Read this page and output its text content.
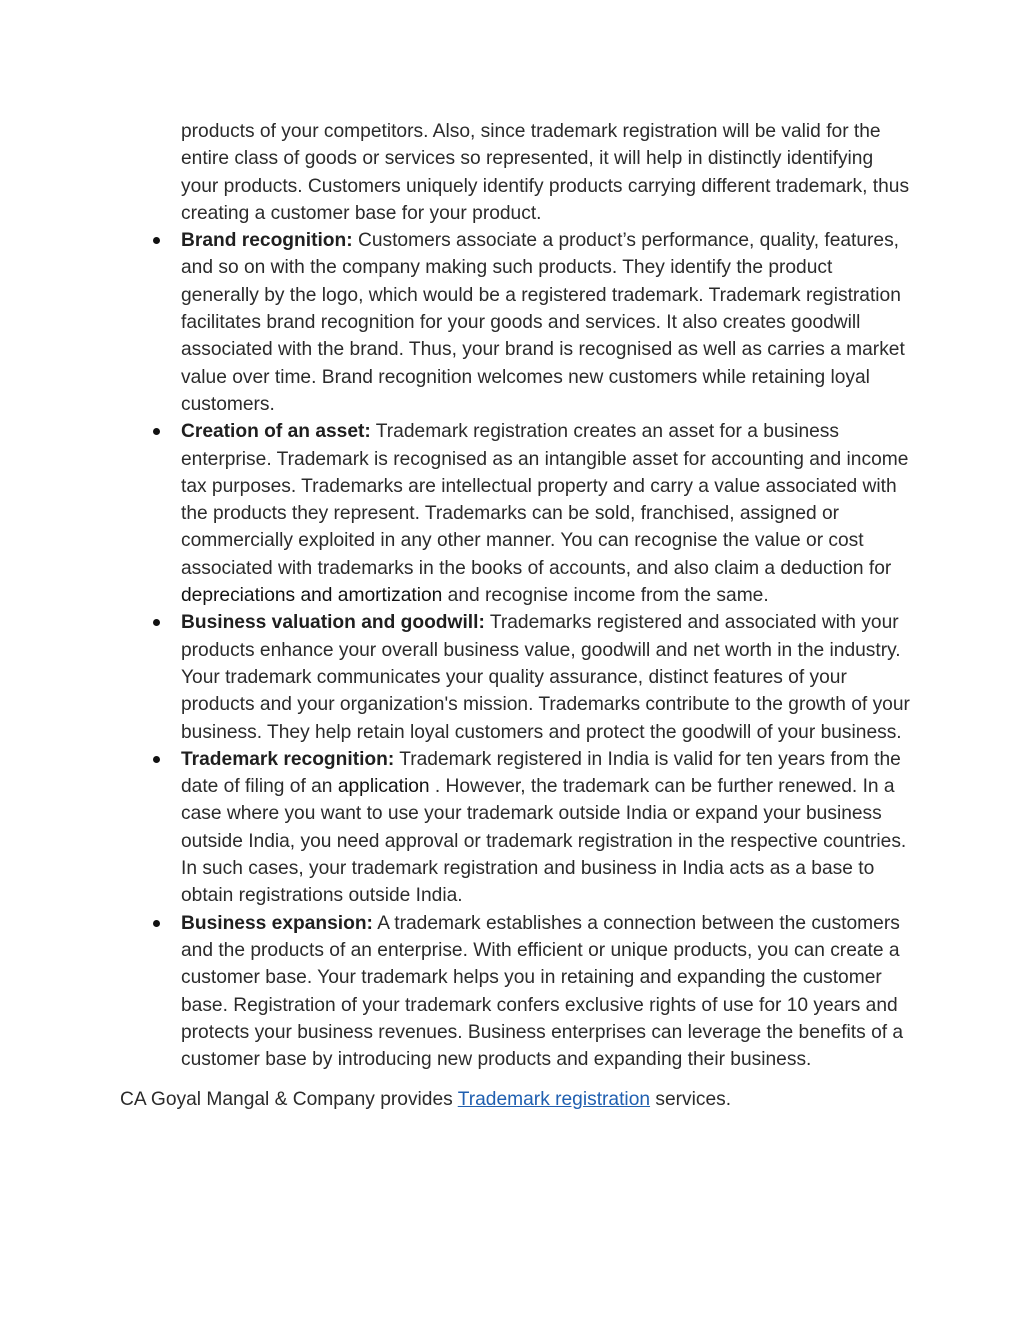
products of your competitors. Also, since trademark registration will be valid for the entire class of goods or services so represented, it will help in distinctly identifying your products. Customers uniquely identify products carrying different trademark, thus creating a customer base for your product.

Brand recognition: Customers associate a product’s performance, quality, features, and so on with the company making such products. They identify the product generally by the logo, which would be a registered trademark. Trademark registration facilitates brand recognition for your goods and services. It also creates goodwill associated with the brand. Thus, your brand is recognised as well as carries a market value over time. Brand recognition welcomes new customers while retaining loyal customers.
Creation of an asset: Trademark registration creates an asset for a business enterprise. Trademark is recognised as an intangible asset for accounting and income tax purposes. Trademarks are intellectual property and carry a value associated with the products they represent. Trademarks can be sold, franchised, assigned or commercially exploited in any other manner. You can recognise the value or cost associated with trademarks in the books of accounts, and also claim a deduction for depreciations and amortization and recognise income from the same.
Business valuation and goodwill: Trademarks registered and associated with your products enhance your overall business value, goodwill and net worth in the industry. Your trademark communicates your quality assurance, distinct features of your products and your organization's mission. Trademarks contribute to the growth of your business. They help retain loyal customers and protect the goodwill of your business.
Trademark recognition: Trademark registered in India is valid for ten years from the date of filing of an application . However, the trademark can be further renewed. In a case where you want to use your trademark outside India or expand your business outside India, you need approval or trademark registration in the respective countries. In such cases, your trademark registration and business in India acts as a base to obtain registrations outside India.
Business expansion: A trademark establishes a connection between the customers and the products of an enterprise. With efficient or unique products, you can create a customer base. Your trademark helps you in retaining and expanding the customer base. Registration of your trademark confers exclusive rights of use for 10 years and protects your business revenues. Business enterprises can leverage the benefits of a customer base by introducing new products and expanding their business.

CA Goyal Mangal & Company provides Trademark registration services.
